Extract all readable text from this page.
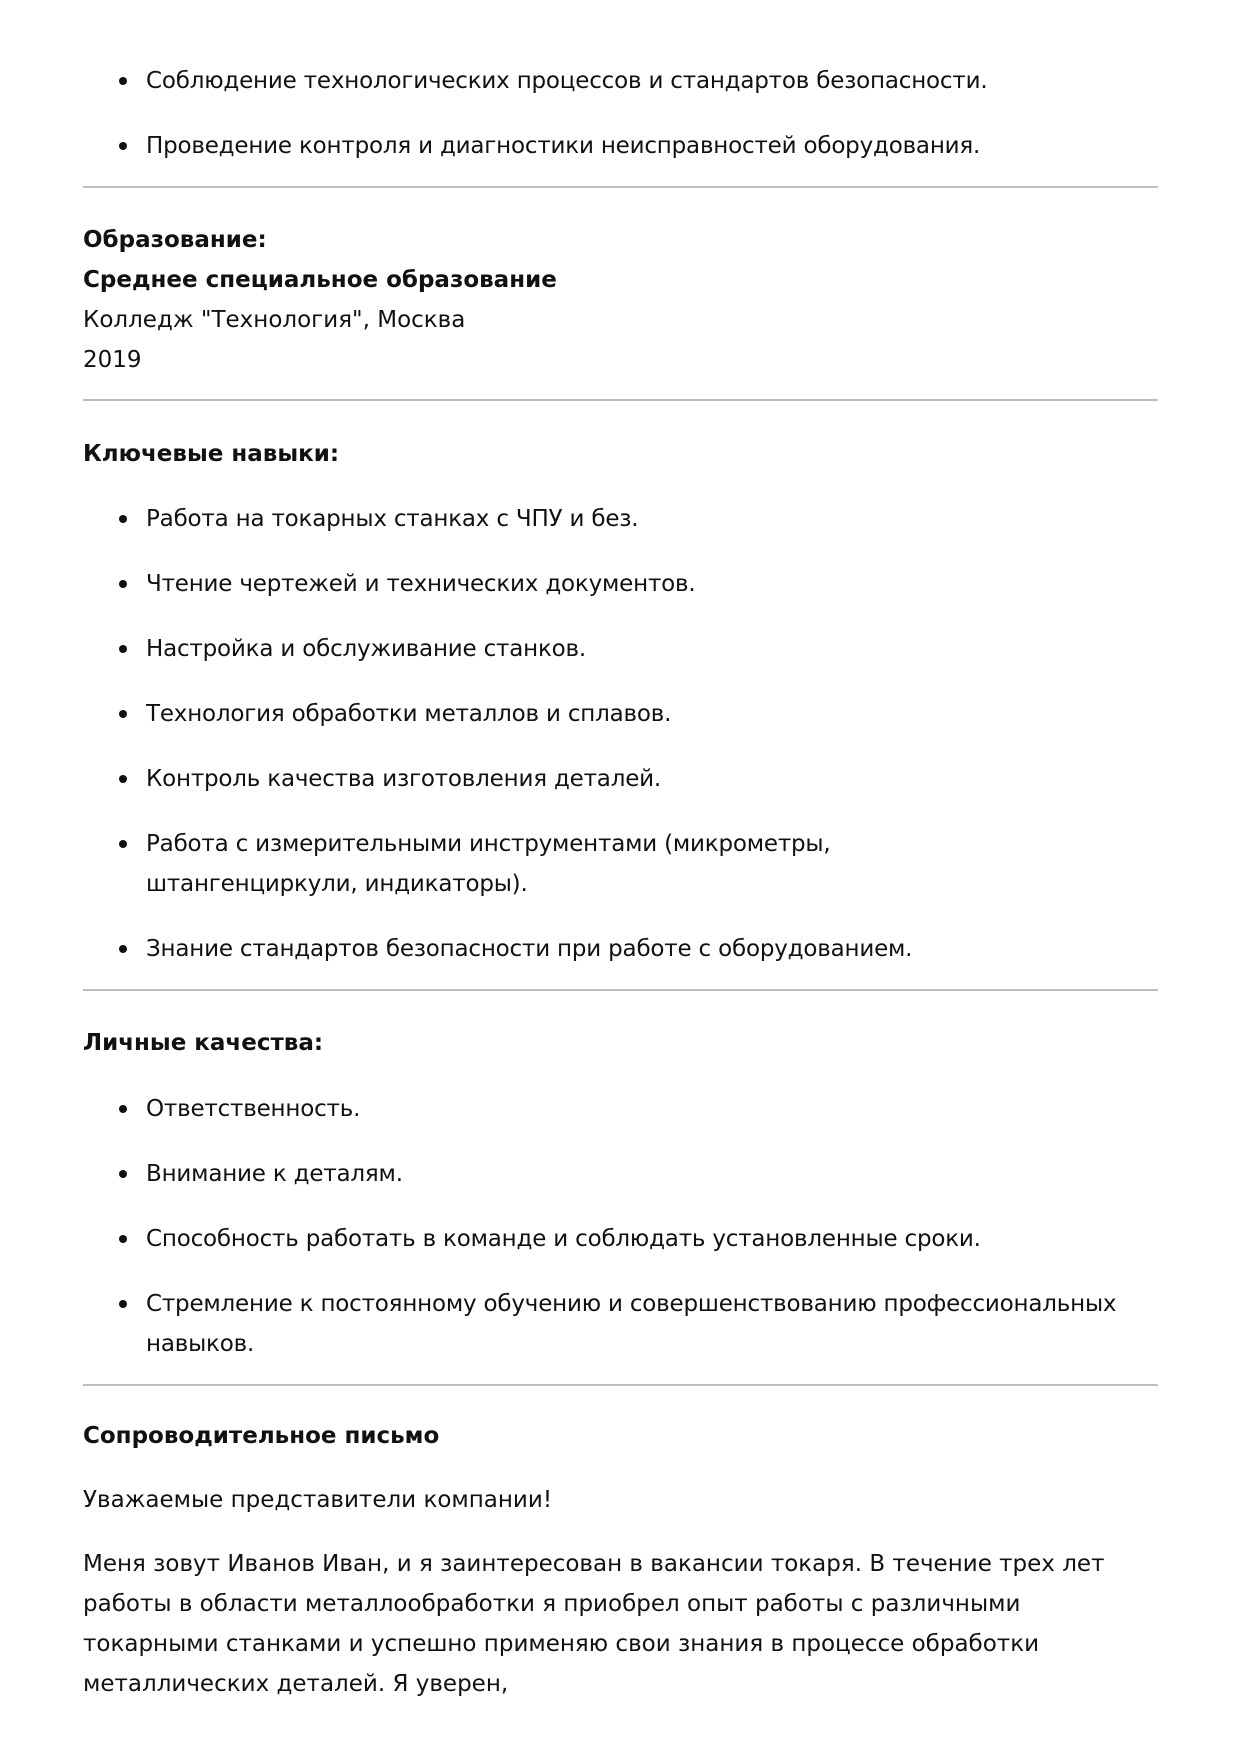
Соблюдение технологических процессов и стандартов безопасности.
Проведение контроля и диагностики неисправностей оборудования.
Образование:
Среднее специальное образование
Колледж "Технология", Москва
2019
Ключевые навыки:
Работа на токарных станках с ЧПУ и без.
Чтение чертежей и технических документов.
Настройка и обслуживание станков.
Технология обработки металлов и сплавов.
Контроль качества изготовления деталей.
Работа с измерительными инструментами (микрометры, штангенциркули, индикаторы).
Знание стандартов безопасности при работе с оборудованием.
Личные качества:
Ответственность.
Внимание к деталям.
Способность работать в команде и соблюдать установленные сроки.
Стремление к постоянному обучению и совершенствованию профессиональных навыков.
Сопроводительное письмо
Уважаемые представители компании!
Меня зовут Иванов Иван, и я заинтересован в вакансии токаря. В течение трех лет работы в области металлообработки я приобрел опыт работы с различными токарными станками и успешно применяю свои знания в процессе обработки металлических деталей. Я уверен,
